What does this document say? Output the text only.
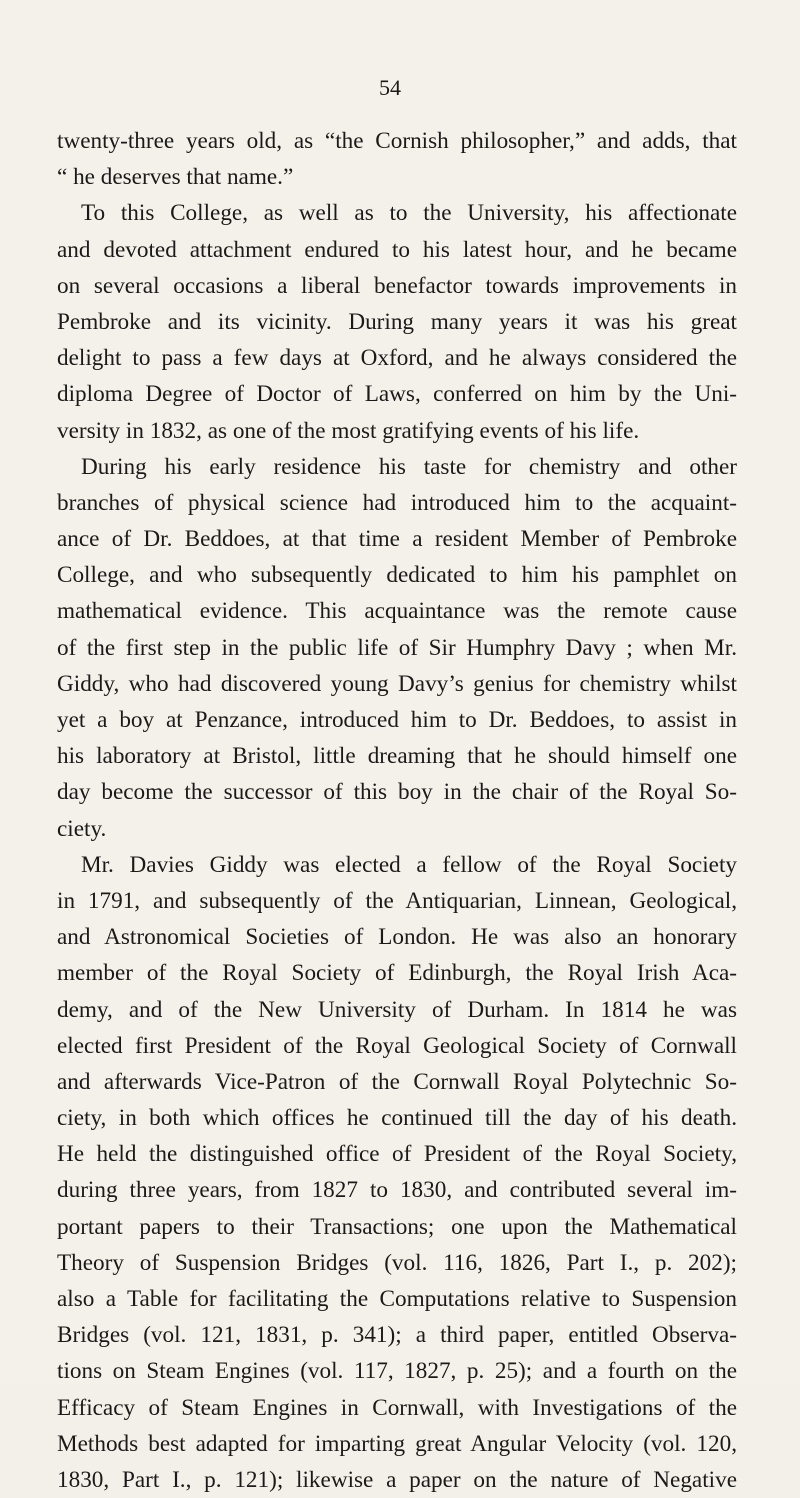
54
twenty-three years old, as “the Cornish philosopher,” and adds, that
“ he deserves that name.”
To this College, as well as to the University, his affectionate
and devoted attachment endured to his latest hour, and he became
on several occasions a liberal benefactor towards improvements in
Pembroke and its vicinity. During many years it was his great
delight to pass a few days at Oxford, and he always considered the
diploma Degree of Doctor of Laws, conferred on him by the Uni-
versity in 1832, as one of the most gratifying events of his life.
During his early residence his taste for chemistry and other
branches of physical science had introduced him to the acquaint-
ance of Dr. Beddoes, at that time a resident Member of Pembroke
College, and who subsequently dedicated to him his pamphlet on
mathematical evidence. This acquaintance was the remote cause
of the first step in the public life of Sir Humphry Davy ; when Mr.
Giddy, who had discovered young Davy’s genius for chemistry whilst
yet a boy at Penzance, introduced him to Dr. Beddoes, to assist in
his laboratory at Bristol, little dreaming that he should himself one
day become the successor of this boy in the chair of the Royal So-
ciety.
Mr. Davies Giddy was elected a fellow of the Royal Society
in 1791, and subsequently of the Antiquarian, Linnean, Geological,
and Astronomical Societies of London. He was also an honorary
member of the Royal Society of Edinburgh, the Royal Irish Aca-
demy, and of the New University of Durham. In 1814 he was
elected first President of the Royal Geological Society of Cornwall
and afterwards Vice-Patron of the Cornwall Royal Polytechnic So-
ciety, in both which offices he continued till the day of his death.
He held the distinguished office of President of the Royal Society,
during three years, from 1827 to 1830, and contributed several im-
portant papers to their Transactions; one upon the Mathematical
Theory of Suspension Bridges (vol. 116, 1826, Part I., p. 202);
also a Table for facilitating the Computations relative to Suspension
Bridges (vol. 121, 1831, p. 341); a third paper, entitled Observa-
tions on Steam Engines (vol. 117, 1827, p. 25); and a fourth on the
Efficacy of Steam Engines in Cornwall, with Investigations of the
Methods best adapted for imparting great Angular Velocity (vol. 120,
1830, Part I., p. 121); likewise a paper on the nature of Negative
